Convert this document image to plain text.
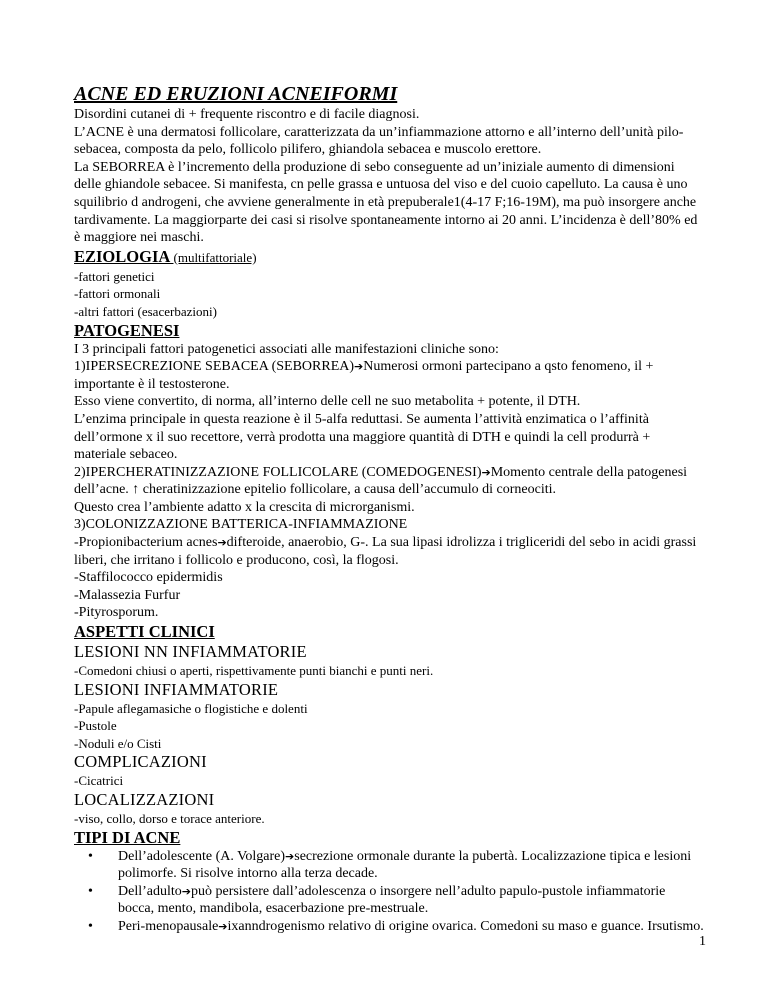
ACNE ED ERUZIONI ACNEIFORMI

Disordini cutanei di + frequente riscontro e di facile diagnosi.

L’ACNE è una dermatosi follicolare, caratterizzata da un’infiammazione attorno e all’interno dell’unità pilo-sebacea, composta da pelo, follicolo pilifero, ghiandola sebacea e muscolo erettore.

La SEBORREA è l’incremento della produzione di sebo conseguente ad un’iniziale aumento di dimensioni delle ghiandole sebacee. Si manifesta, cn pelle grassa e untuosa del viso e del cuoio capelluto. La causa è uno squilibrio d androgeni, che avviene generalmente in età prepuberale1(4-17 F;16-19M), ma può insorgere anche tardivamente. La maggiorparte dei casi si risolve spontaneamente intorno ai 20 anni. L’incidenza è dell’80% ed è maggiore nei maschi.

EZIOLOGIA (multifattoriale)

-fattori genetici

-fattori ormonali

-altri fattori (esacerbazioni)

PATOGENESI

I 3 principali fattori patogenetici associati alle manifestazioni cliniche sono:

1)IPERSECREZIONE SEBACEA (SEBORREA)➔Numerosi ormoni partecipano a qsto fenomeno, il + importante è il testosterone.

Esso viene convertito, di norma, all’interno delle cell ne suo metabolita + potente, il DTH.

L’enzima principale in questa reazione è il 5-alfa reduttasi. Se aumenta l’attività enzimatica o l’affinità dell’ormone x il suo recettore, verrà prodotta una maggiore quantità di DTH e quindi la cell produrrà + materiale sebaceo.

2)IPERCHERATINIZZAZIONE FOLLICOLARE (COMEDOGENESI)➔Momento centrale della patogenesi dell’acne. ↑ cheratinizzazione epitelio follicolare, a causa dell’accumulo di corneociti.

Questo crea l’ambiente adatto x la crescita di microrganismi.

3)COLONIZZAZIONE BATTERICA-INFIAMMAZIONE

-Propionibacterium acnes➔difteroide, anaerobio, G-. La sua lipasi idrolizza i trigliceridi del sebo in acidi grassi liberi, che irritano i follicolo e producono, così, la flogosi.

-Staffilococco epidermidis

-Malassezia Furfur

-Pityrosporum.

ASPETTI CLINICI
LESIONI NN INFIAMMATORIE

-Comedoni chiusi o aperti, rispettivamente punti bianchi e punti neri.

LESIONI INFIAMMATORIE

-Papule aflegamasiche o flogistiche e dolenti

-Pustole

-Noduli e/o Cisti

COMPLICAZIONI

-Cicatrici

LOCALIZZAZIONI

-viso, collo, dorso e torace anteriore.

TIPI DI ACNE
• Dell’adolescente (A. Volgare)➔secrezione ormonale durante la pubertà. Localizzazione tipica e lesioni polimorfe. Si risolve intorno alla terza decade.
• Dell’adulto➔può persistere dall’adolescenza o insorgere nell’adulto papulo-pustole infiammatorie bocca, mento, mandibola, esacerbazione pre-mestruale.
• Peri-menopausale➔ixanndrogenismo relativo di origine ovarica. Comedoni su maso e guance. Irsutismo.
1
